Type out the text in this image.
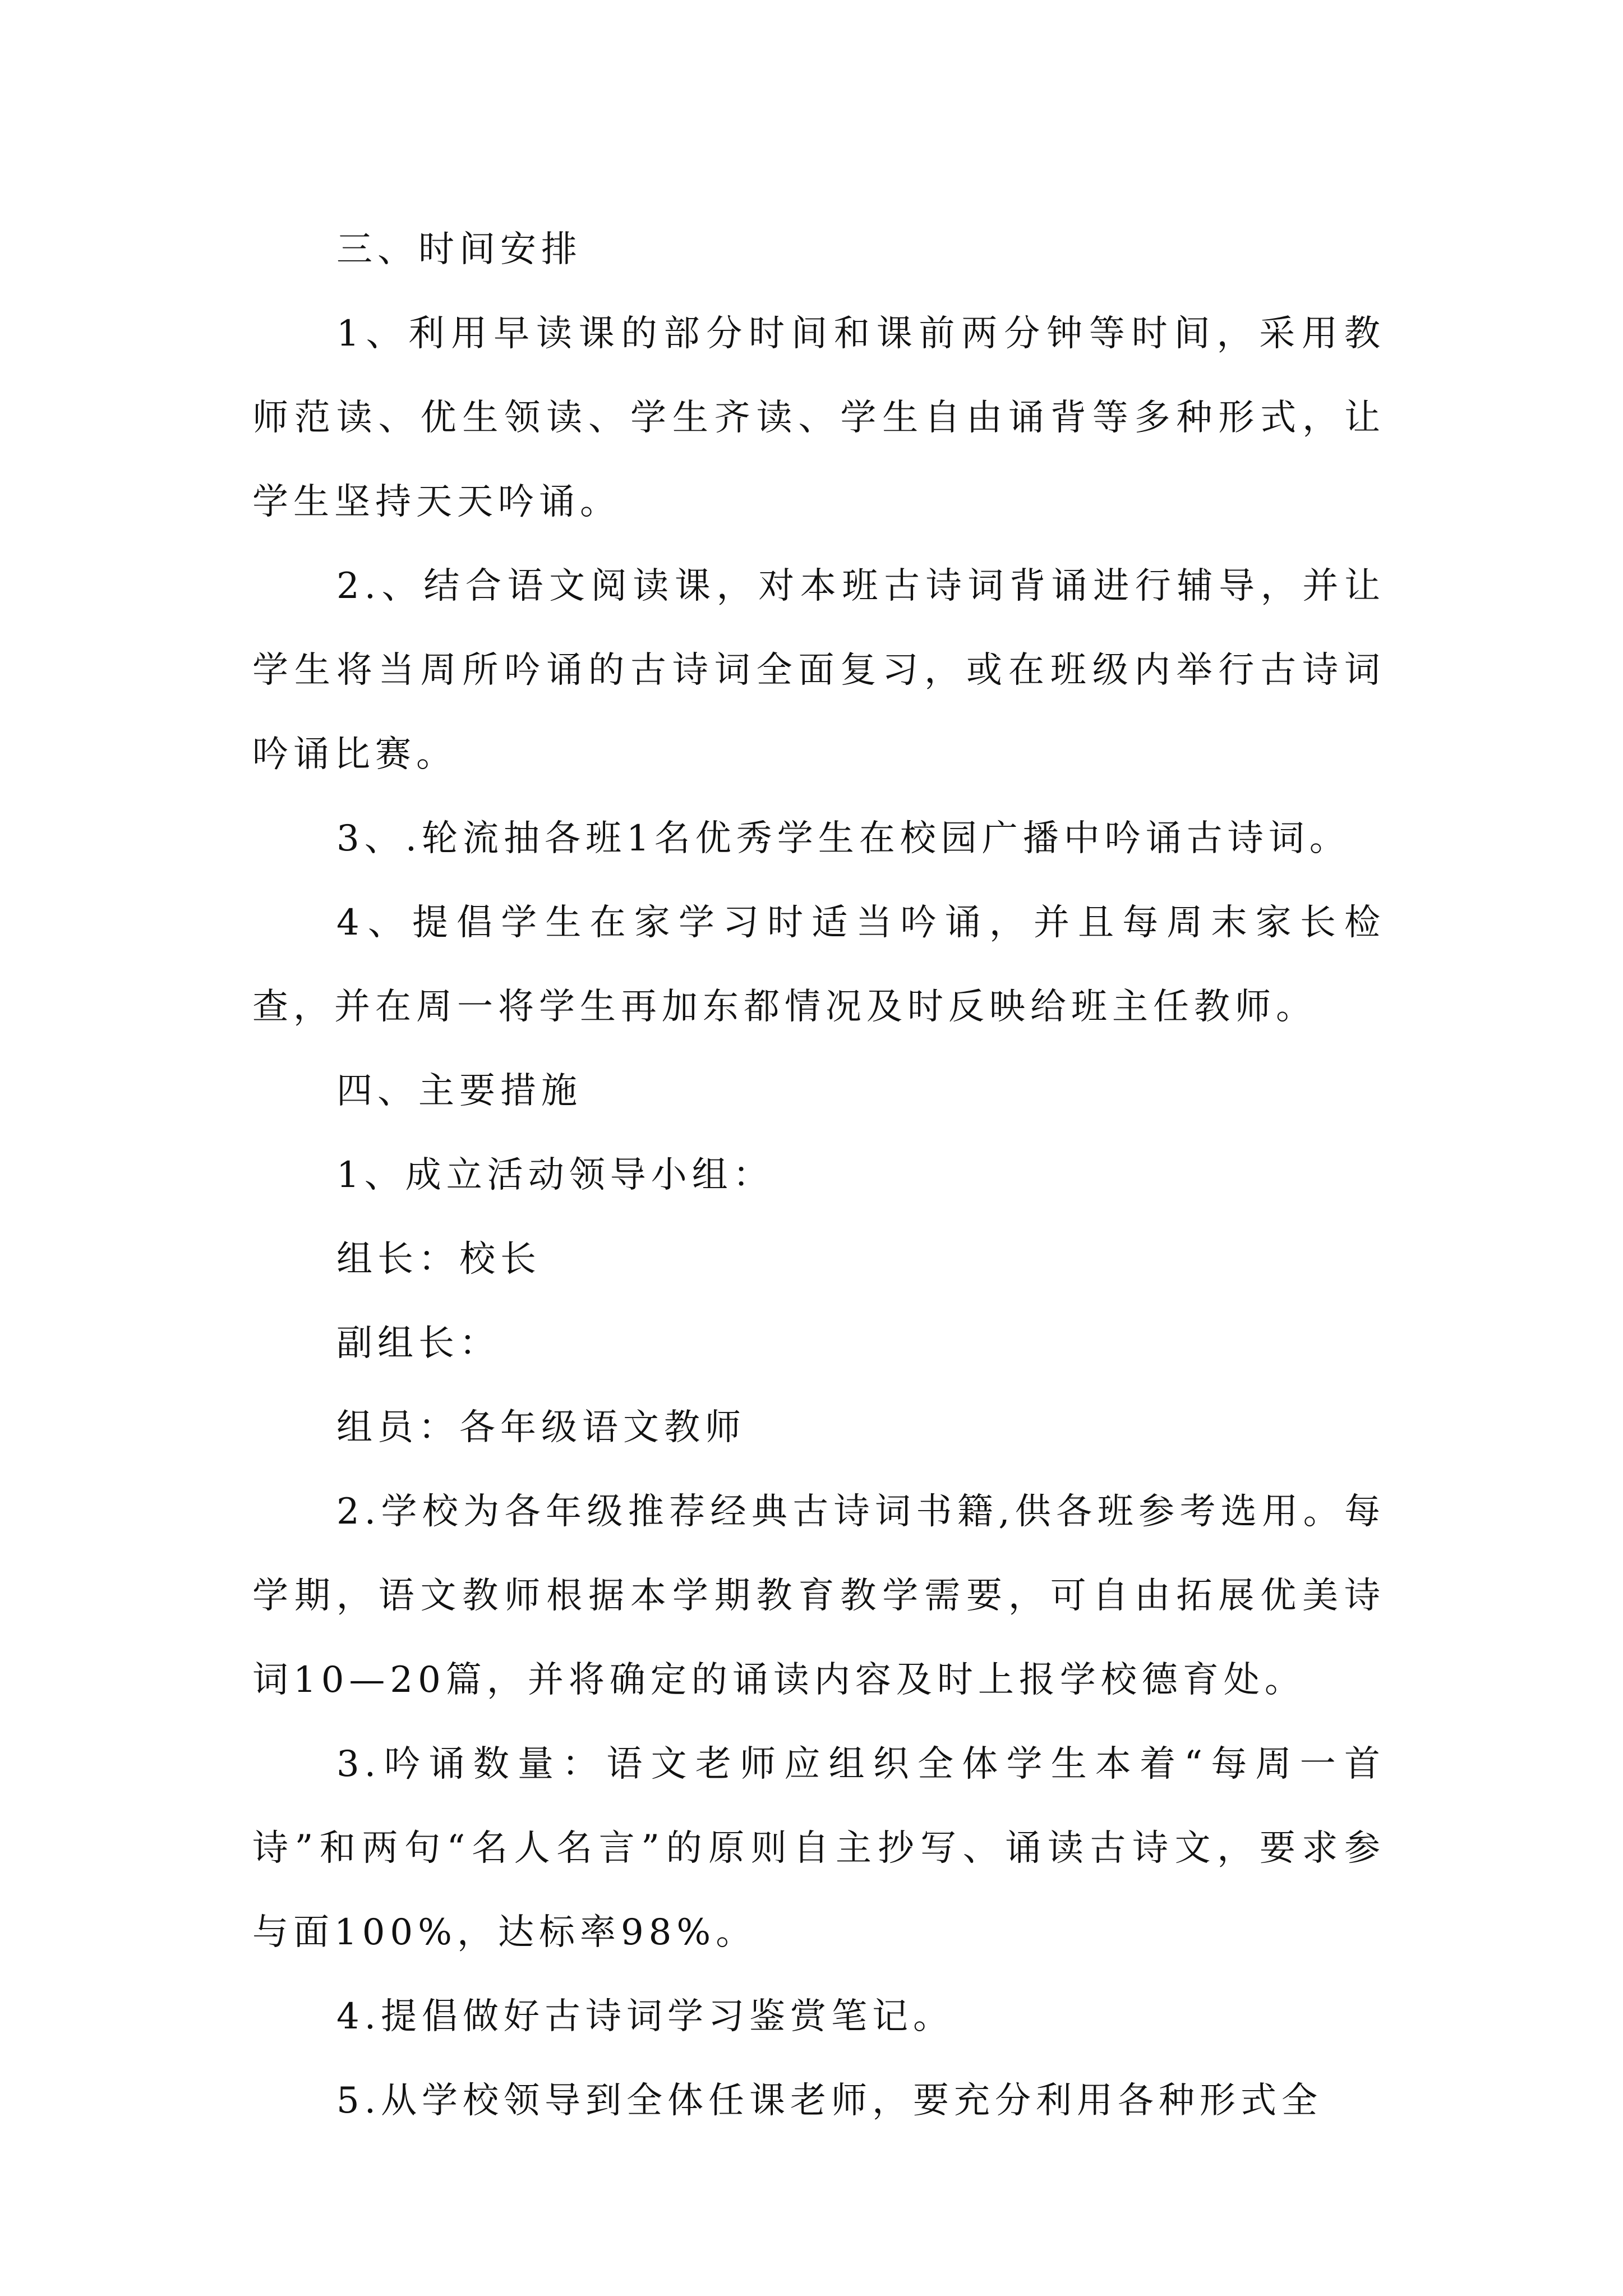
三、时间安排

1、利用早读课的部分时间和课前两分钟等时间，采用教师范读、优生领读、学生齐读、学生自由诵背等多种形式，让学生坚持天天吟诵。

2.、结合语文阅读课，对本班古诗词背诵进行辅导，并让学生将当周所吟诵的古诗词全面复习，或在班级内举行古诗词吟诵比赛。

3、.轮流抽各班1名优秀学生在校园广播中吟诵古诗词。

4、提倡学生在家学习时适当吟诵，并且每周末家长检查，并在周一将学生再加东都情况及时反映给班主任教师。

四、主要措施

1、成立活动领导小组：

组长：校长

副组长：

组员：各年级语文教师

2.学校为各年级推荐经典古诗词书籍,供各班参考选用。每学期，语文教师根据本学期教育教学需要，可自由拓展优美诗词10—20篇，并将确定的诵读内容及时上报学校德育处。

3.吟诵数量：语文老师应组织全体学生本着“每周一首诗”和两句“名人名言”的原则自主抄写、诵读古诗文，要求参与面100%，达标率98%。

4.提倡做好古诗词学习鉴赏笔记。

5.从学校领导到全体任课老师，要充分利用各种形式全
